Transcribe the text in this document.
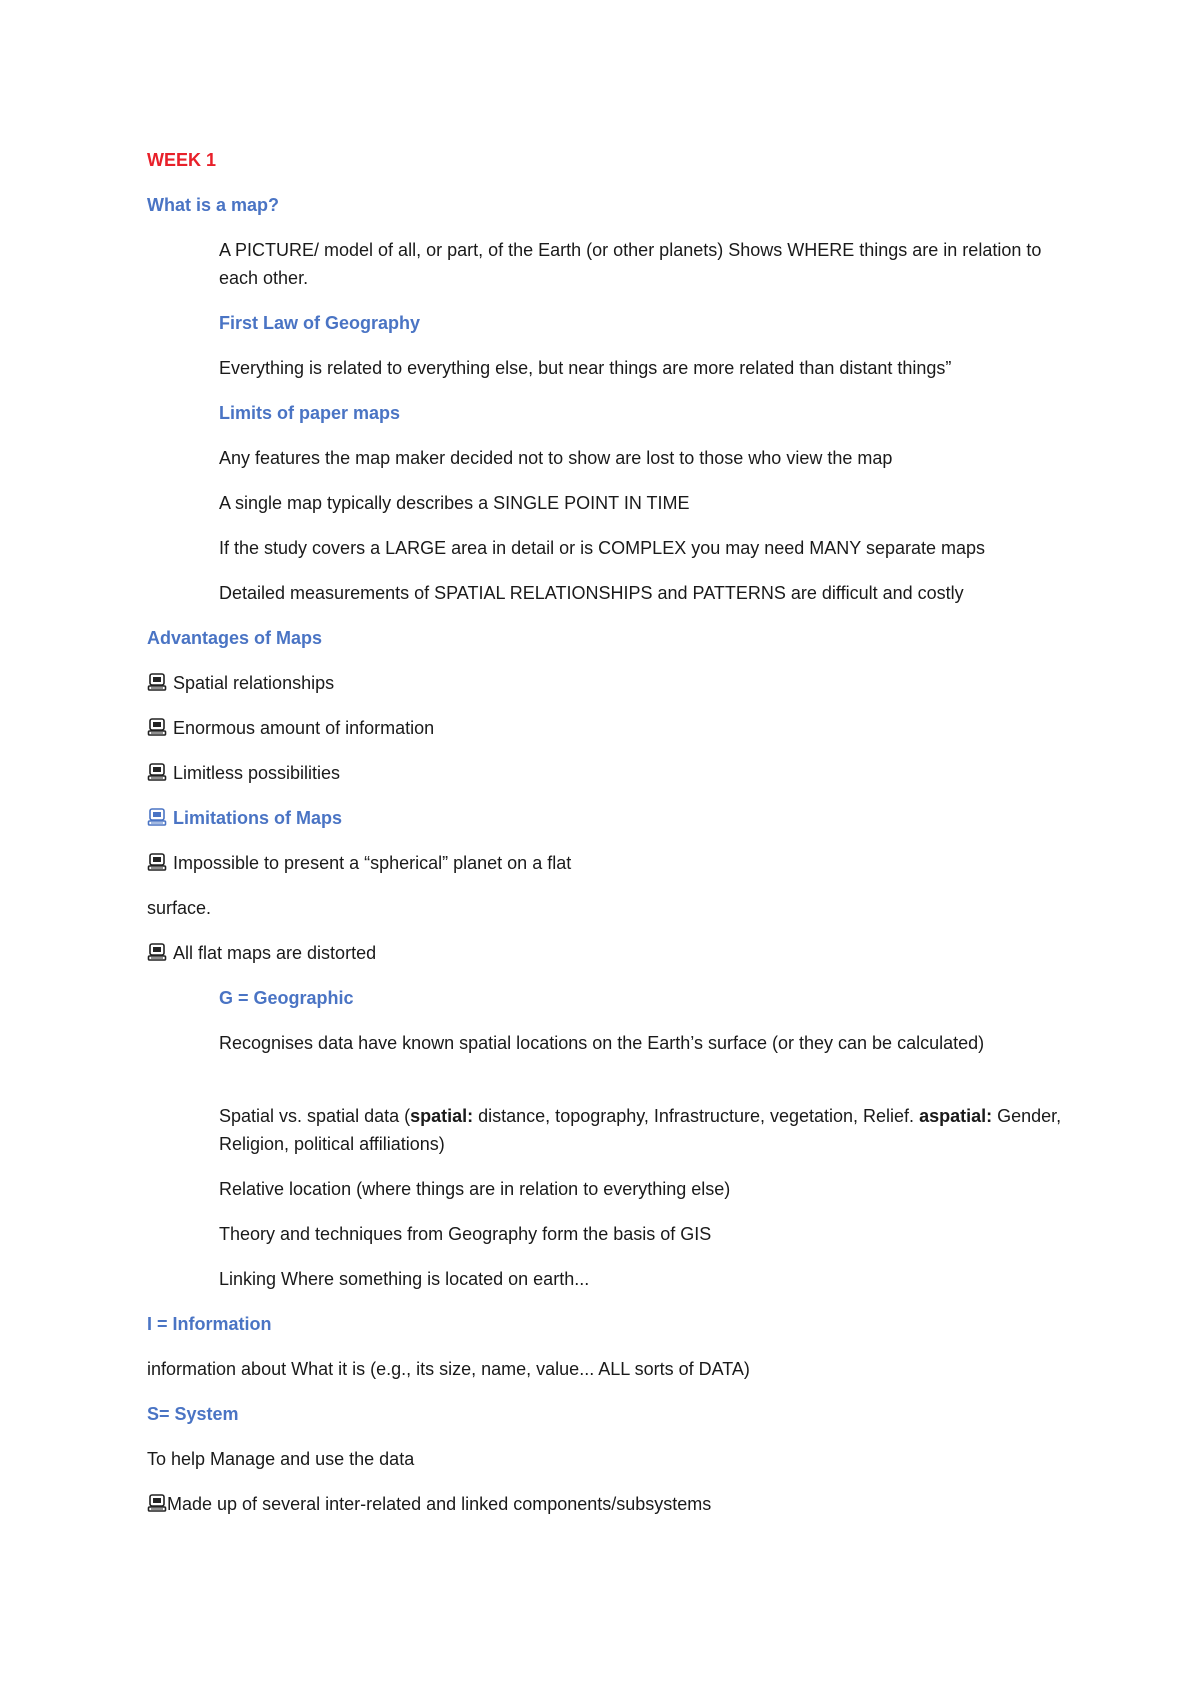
WEEK 1
What is a map?
A PICTURE/ model of all, or part, of the Earth (or other planets) Shows WHERE things are in relation to each other.
First Law of Geography
Everything is related to everything else, but near things are more related than distant things”
Limits of paper maps
Any features the map maker decided not to show are lost to those who view the map
A single map typically describes a SINGLE POINT IN TIME
If the study covers a LARGE area in detail or is COMPLEX you may need MANY separate maps
Detailed measurements of SPATIAL RELATIONSHIPS and PATTERNS are difficult and costly
Advantages of Maps
Spatial relationships
Enormous amount of information
Limitless possibilities
Limitations of Maps
Impossible to present a “spherical” planet on a flat
surface.
All flat maps are distorted
G = Geographic
Recognises data have known spatial locations on the Earth’s surface (or they can be calculated)
Spatial vs. spatial data (spatial: distance, topography, Infrastructure, vegetation, Relief. aspatial: Gender, Religion, political affiliations)
Relative location (where things are in relation to everything else)
Theory and techniques from Geography form the basis of GIS
Linking Where something is located on earth...
I = Information
information about What it is (e.g., its size, name, value... ALL sorts of DATA)
S= System
To help Manage and use the data
Made up of several inter-related and linked components/subsystems
